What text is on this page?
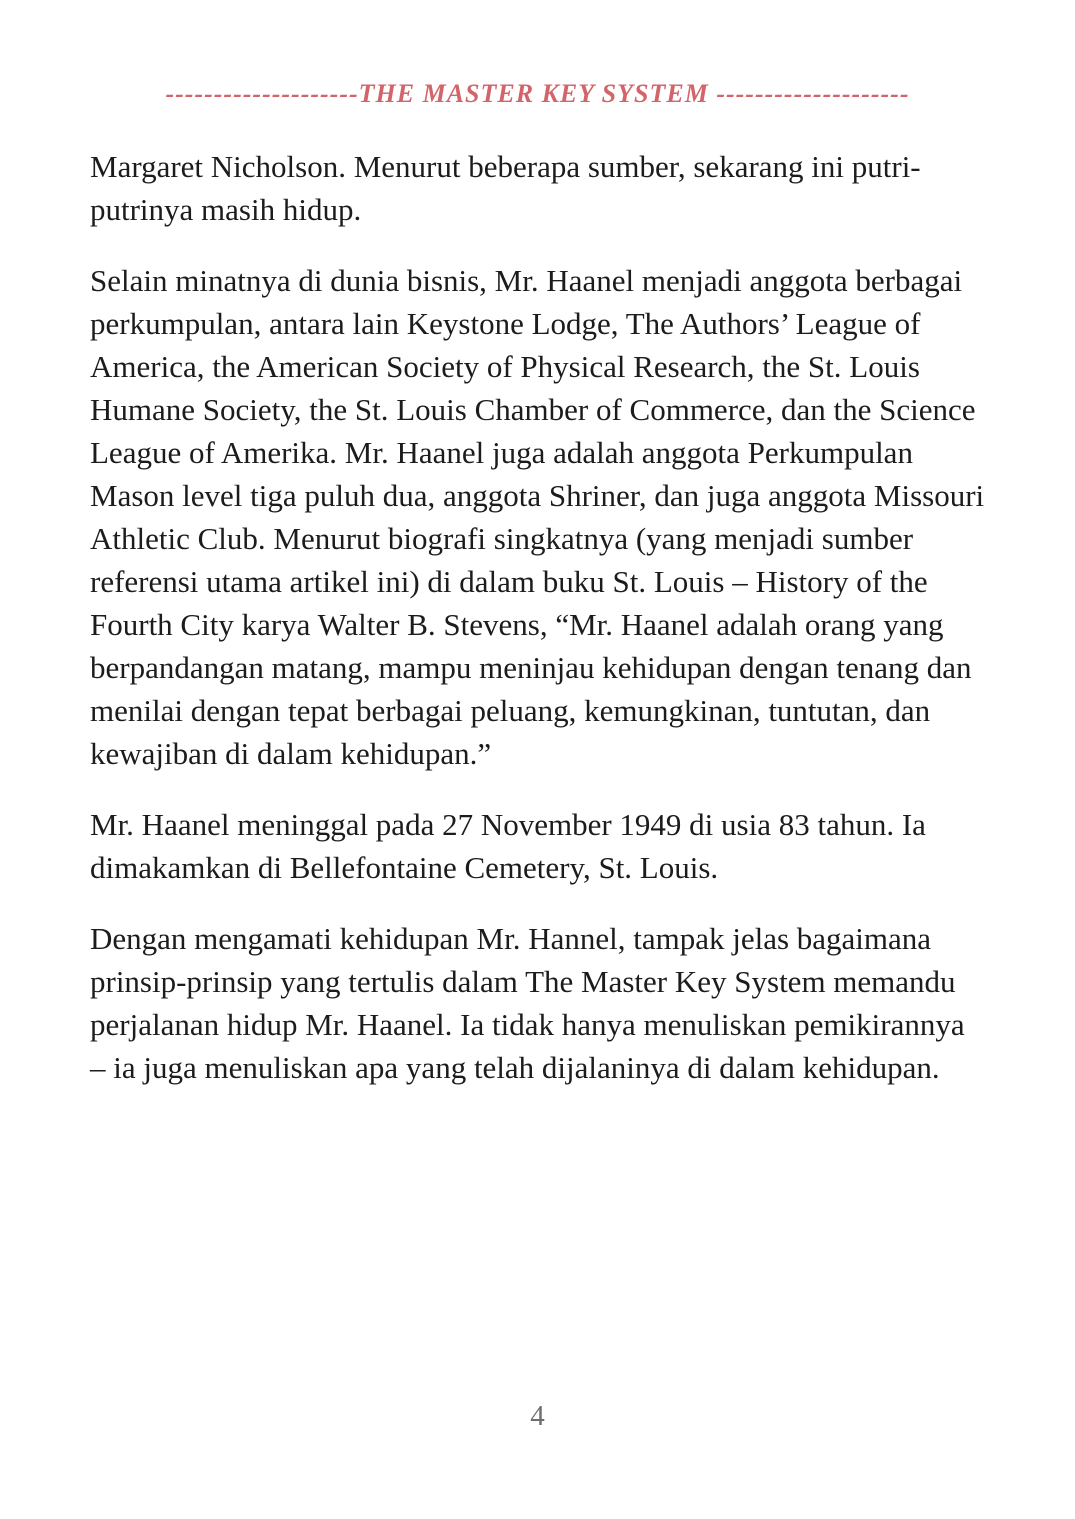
--------------------THE MASTER KEY SYSTEM --------------------

Margaret Nicholson. Menurut beberapa sumber, sekarang ini putri-putrinya masih hidup.

Selain minatnya di dunia bisnis, Mr. Haanel menjadi anggota berbagai perkumpulan, antara lain Keystone Lodge, The Authors’ League of America, the American Society of Physical Research, the St. Louis Humane Society, the St. Louis Chamber of Commerce, dan the Science League of Amerika. Mr. Haanel juga adalah anggota Perkumpulan Mason level tiga puluh dua, anggota Shriner, dan juga anggota Missouri Athletic Club. Menurut biografi singkatnya (yang menjadi sumber referensi utama artikel ini) di dalam buku St. Louis – History of the Fourth City karya Walter B. Stevens, “Mr. Haanel adalah orang yang berpandangan matang, mampu meninjau kehidupan dengan tenang dan menilai dengan tepat berbagai peluang, kemungkinan, tuntutan, dan kewajiban di dalam kehidupan.”

Mr. Haanel meninggal pada 27 November 1949 di usia 83 tahun. Ia dimakamkan di Bellefontaine Cemetery, St. Louis.

Dengan mengamati kehidupan Mr. Hannel, tampak jelas bagaimana prinsip-prinsip yang tertulis dalam The Master Key System memandu perjalanan hidup Mr. Haanel. Ia tidak hanya menuliskan pemikirannya – ia juga menuliskan apa yang telah dijalaninya di dalam kehidupan.

4
